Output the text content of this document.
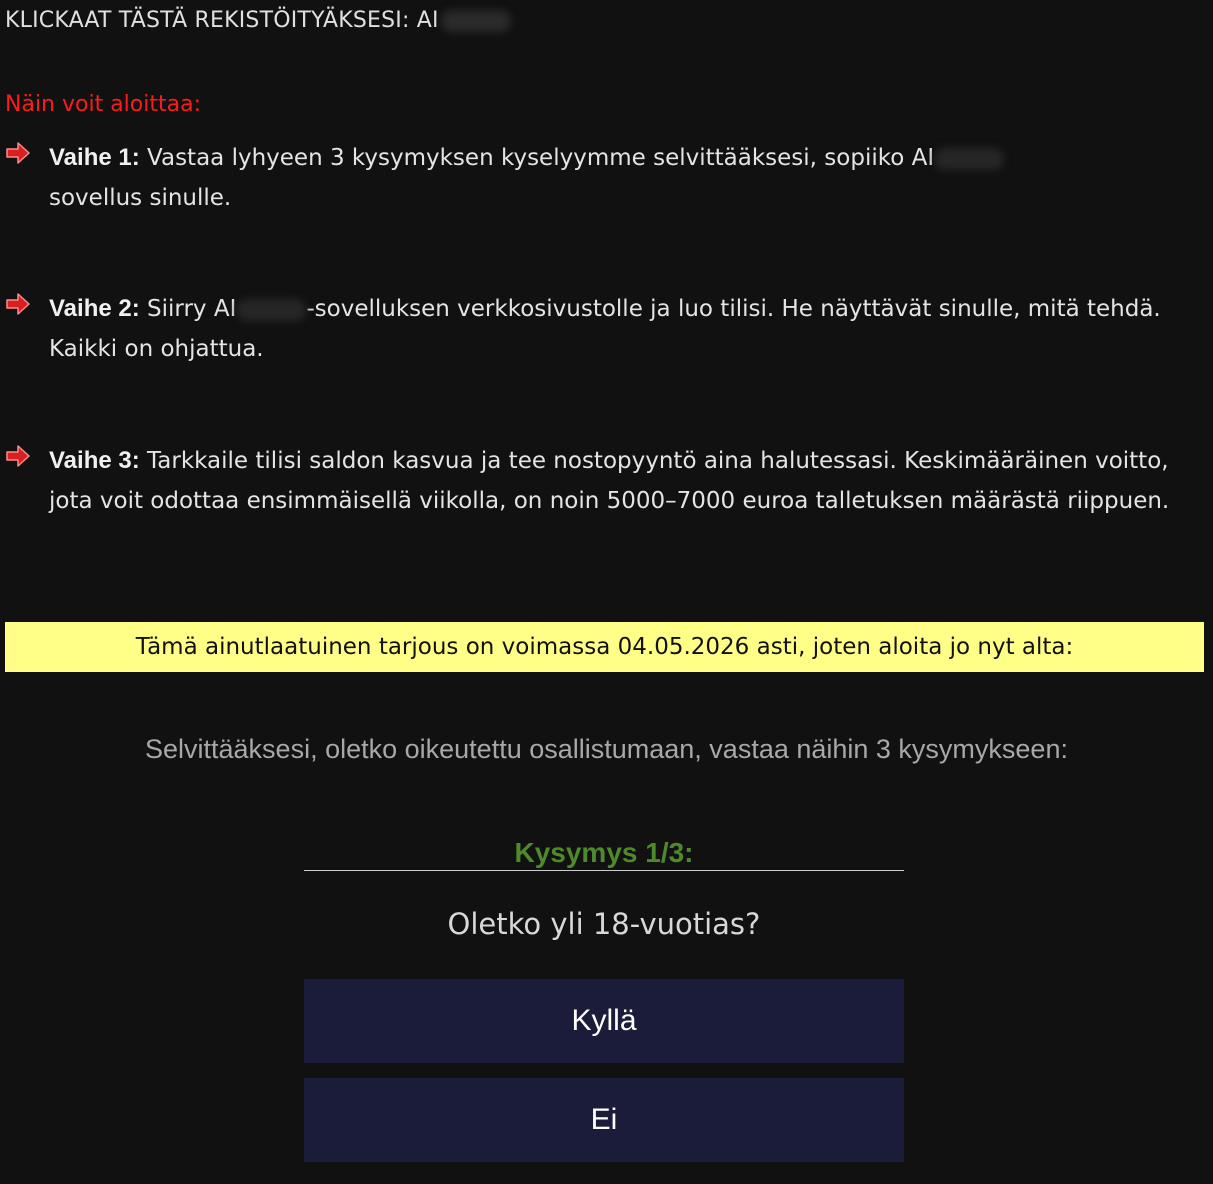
KLICKAAT TÄSTÄ REKISTÖITYÄKSESI: AI
Näin voit aloittaa:
Vaihe 1: Vastaa lyhyeen 3 kysymyksen kyselyymme selvittääksesi, sopiiko AI
sovellus sinulle.
Vaihe 2: Siirry AI	-sovelluksen verkkosivustolle ja luo tilisi. He näyttävät sinulle, mitä tehdä. Kaikki on ohjattua.
Vaihe 3: Tarkkaile tilisi saldon kasvua ja tee nostopyyntö aina halutessasi. Keskimääräinen voitto, jota voit odottaa ensimmäisellä viikolla, on noin 5000–7000 euroa talletuksen määrästä riippuen.
Tämä ainutlaatuinen tarjous on voimassa 04.05.2026 asti, joten aloita jo nyt alta:
Selvittääksesi, oletko oikeutettu osallistumaan, vastaa näihin 3 kysymykseen:
Kysymys 1/3:
Oletko yli 18-vuotias?
Kyllä
Ei
